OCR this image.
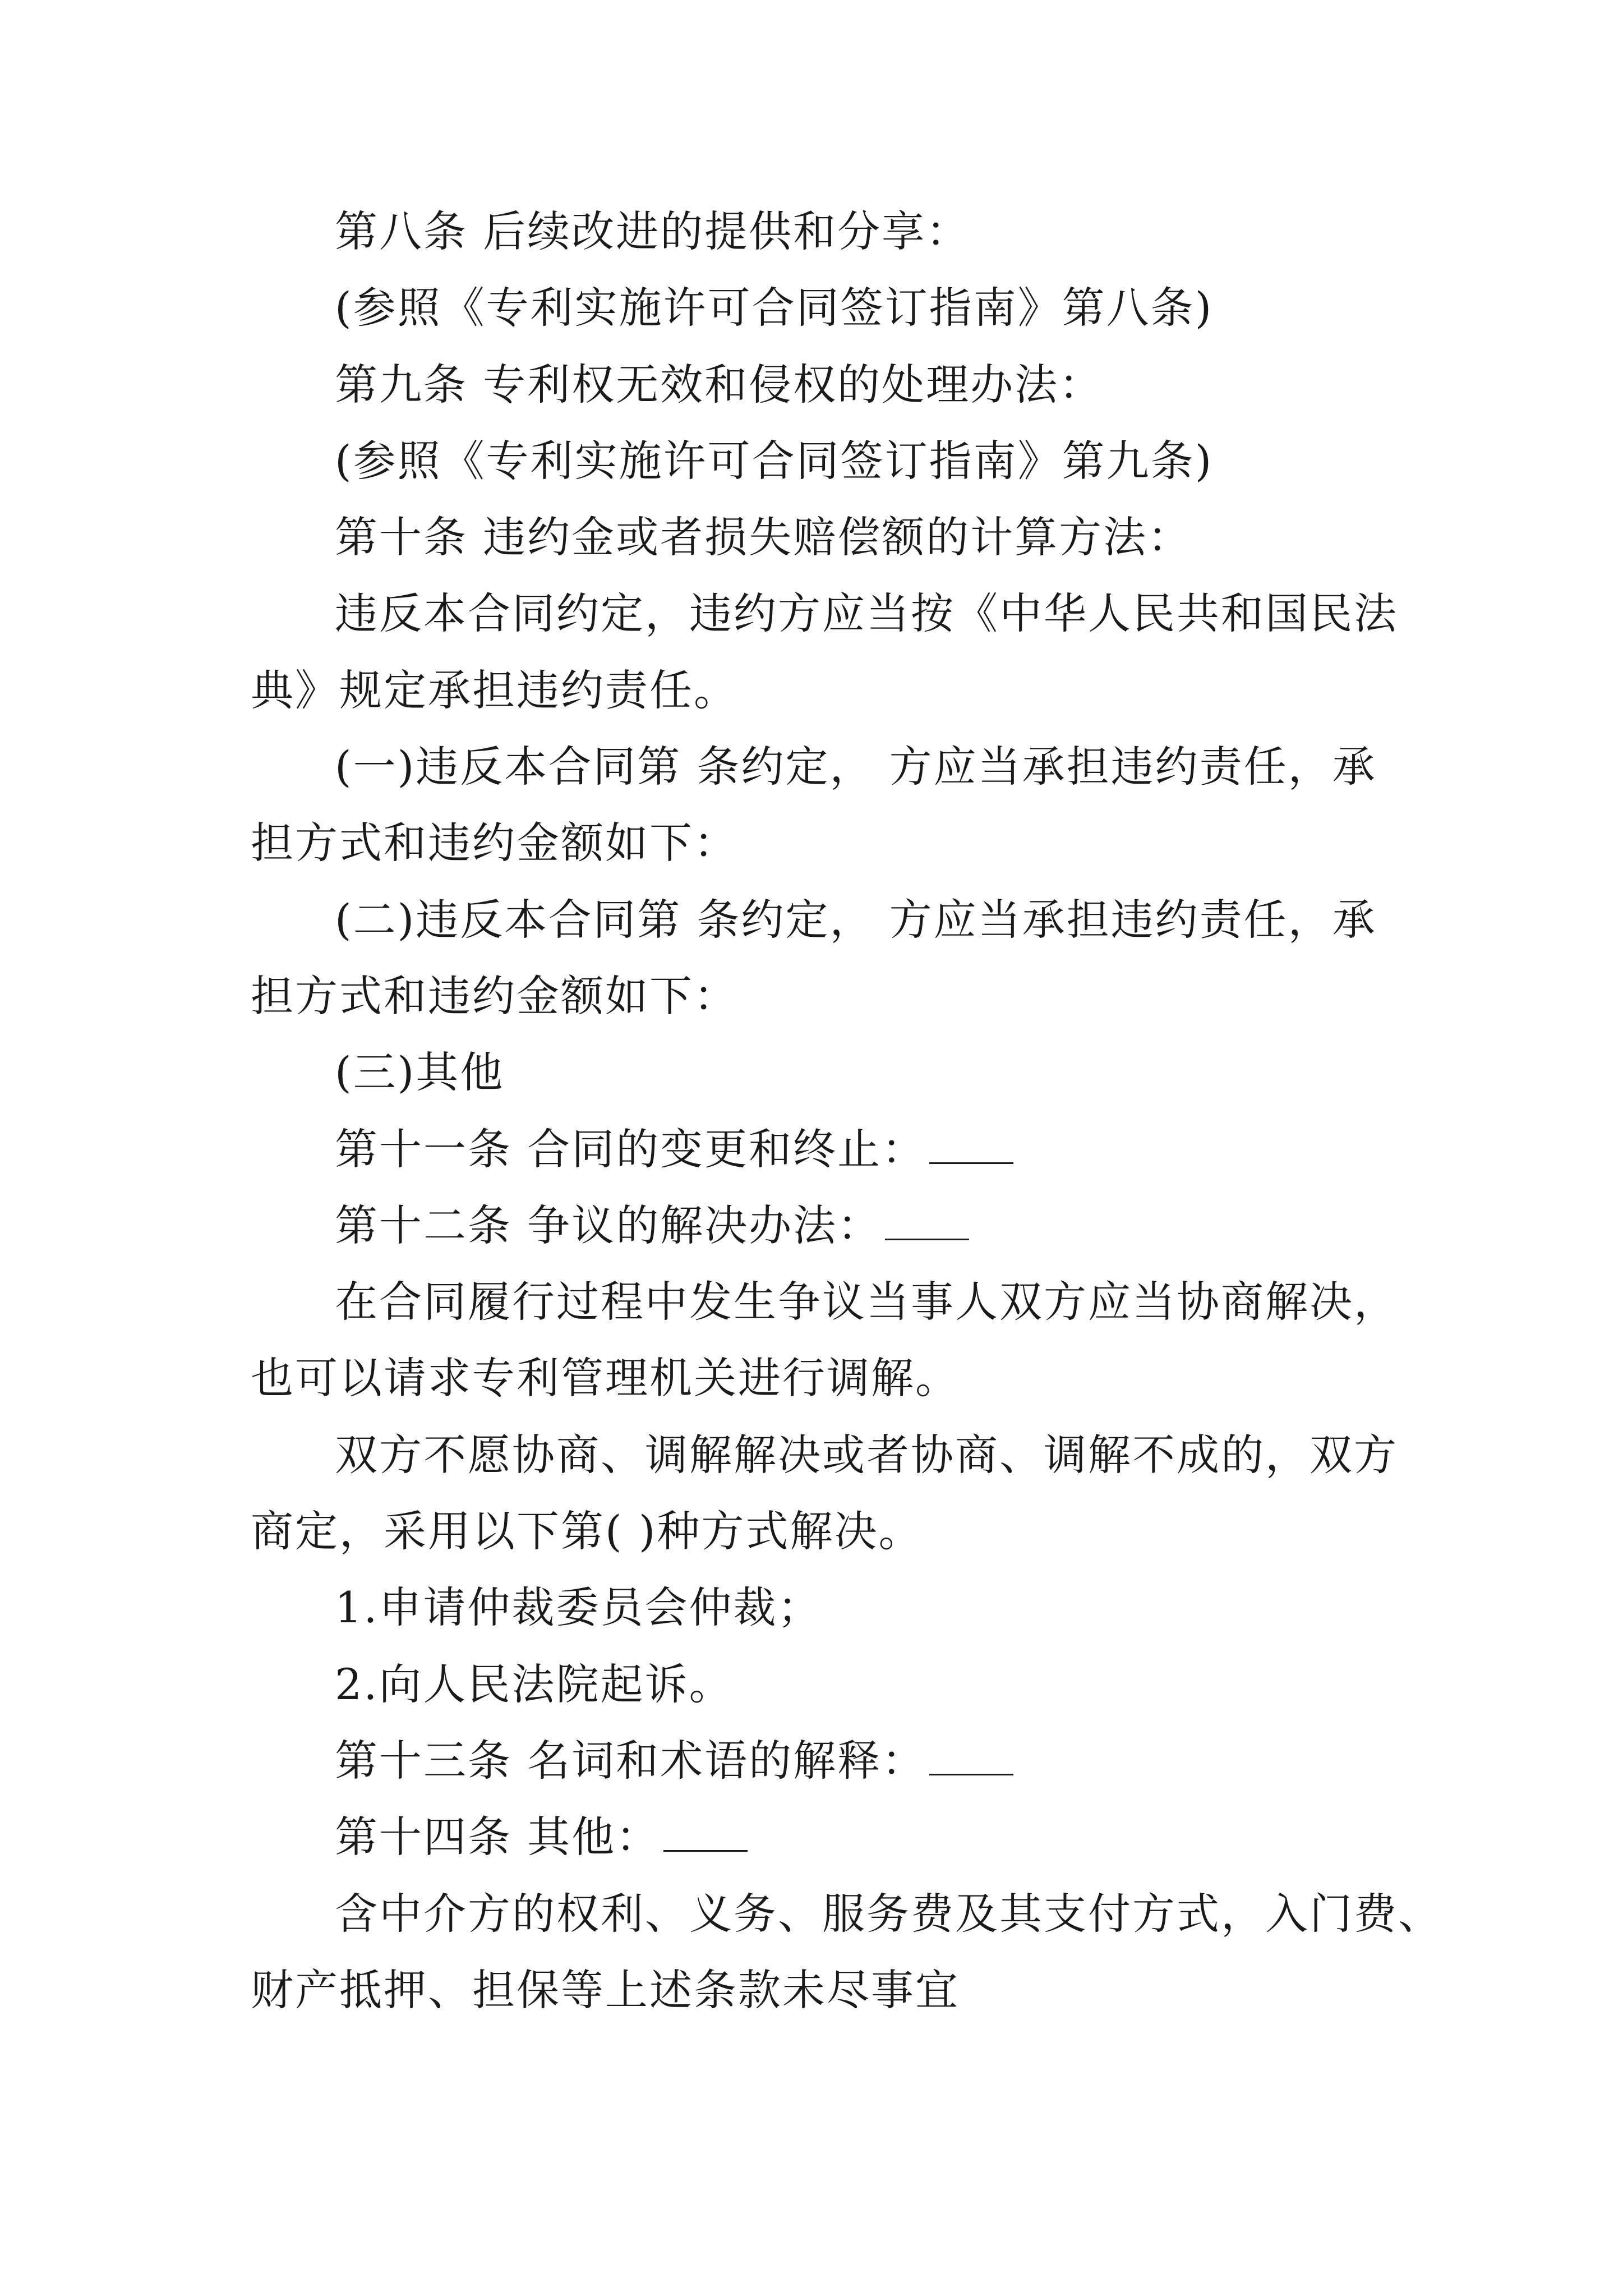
第八条 后续改进的提供和分享：
(参照《专利实施许可合同签订指南》第八条)
第九条 专利权无效和侵权的处理办法：
(参照《专利实施许可合同签订指南》第九条)
第十条 违约金或者损失赔偿额的计算方法：
违反本合同约定，违约方应当按《中华人民共和国民法
典》规定承担违约责任。
(一)违反本合同第 条约定， 方应当承担违约责任，承
担方式和违约金额如下：
(二)违反本合同第 条约定， 方应当承担违约责任，承
担方式和违约金额如下：
(三)其他
第十一条 合同的变更和终止：
第十二条 争议的解决办法：
在合同履行过程中发生争议当事人双方应当协商解决，
也可以请求专利管理机关进行调解。
双方不愿协商、调解解决或者协商、调解不成的，双方
商定，采用以下第( )种方式解决。
1.申请仲裁委员会仲裁；
2.向人民法院起诉。
第十三条 名词和术语的解释：
第十四条 其他：
含中介方的权利、义务、服务费及其支付方式，入门费、
财产抵押、担保等上述条款未尽事宜
